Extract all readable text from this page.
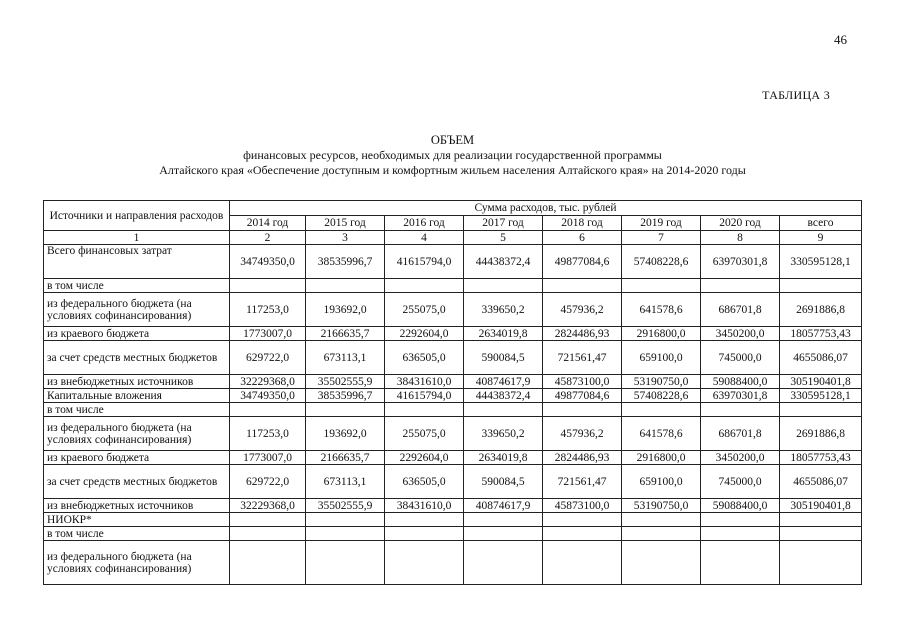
46
ТАБЛИЦА 3
ОБЪЕМ
финансовых ресурсов, необходимых для реализации государственной программы
Алтайского края «Обеспечение доступным и комфортным жильем населения Алтайского края» на 2014-2020 годы
Источники и направления расходов	Сумма расходов, тыс. рублей							
	2014 год	2015 год	2016 год	2017 год	2018 год	2019 год	2020 год	всего
1	2	3	4	5	6	7	8	9
Всего финансовых затрат	34749350,0	38535996,7	41615794,0	44438372,4	49877084,6	57408228,6	63970301,8	330595128,1
в том числе								
из федерального бюджета (на условиях софинансирования)	117253,0	193692,0	255075,0	339650,2	457936,2	641578,6	686701,8	2691886,8
из краевого бюджета	1773007,0	2166635,7	2292604,0	2634019,8	2824486,93	2916800,0	3450200,0	18057753,43
за счет средств местных бюджетов	629722,0	673113,1	636505,0	590084,5	721561,47	659100,0	745000,0	4655086,07
из внебюджетных источников	32229368,0	35502555,9	38431610,0	40874617,9	45873100,0	53190750,0	59088400,0	305190401,8
Капитальные вложения	34749350,0	38535996,7	41615794,0	44438372,4	49877084,6	57408228,6	63970301,8	330595128,1
в том числе								
из федерального бюджета (на условиях софинансирования)	117253,0	193692,0	255075,0	339650,2	457936,2	641578,6	686701,8	2691886,8
из краевого бюджета	1773007,0	2166635,7	2292604,0	2634019,8	2824486,93	2916800,0	3450200,0	18057753,43
за счет средств местных бюджетов	629722,0	673113,1	636505,0	590084,5	721561,47	659100,0	745000,0	4655086,07
из внебюджетных источников	32229368,0	35502555,9	38431610,0	40874617,9	45873100,0	53190750,0	59088400,0	305190401,8
НИОКР*								
в том числе								
из федерального бюджета (на условиях софинансирования)								
